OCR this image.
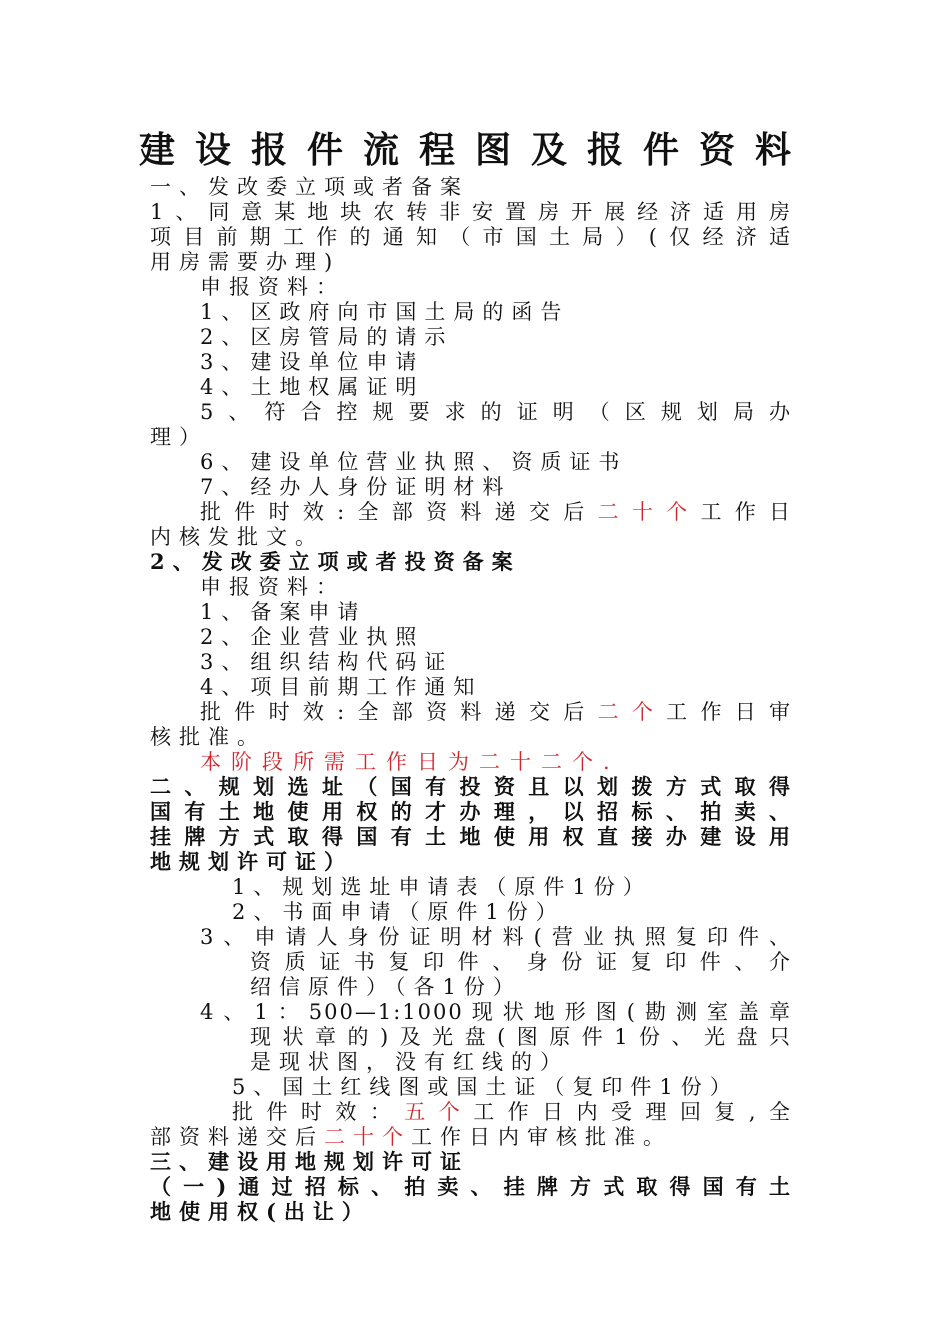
建设报件流程图及报件资料
一、发改委立项或者备案
1、同意某地块农转非安置房开展经济适用房
项目前期工作的通知（市国土局）(仅经济适
用房需要办理)
申报资料：
1、区政府向市国土局的函告
2、区房管局的请示
3、建设单位申请
4、土地权属证明
5、符合控规要求的证明（区规划局办
理）
6、建设单位营业执照、资质证书
7、经办人身份证明材料
批件时效:全部资料递交后二十个工作日
内核发批文。
2、发改委立项或者投资备案
申报资料：
1、备案申请
2、企业营业执照
3、组织结构代码证
4、项目前期工作通知
批件时效:全部资料递交后二个工作日审
核批准。
本阶段所需工作日为二十二个.
二、规划选址（国有投资且以划拨方式取得
国有土地使用权的才办理，以招标、拍卖、
挂牌方式取得国有土地使用权直接办建设用
地规划许可证）
1、规划选址申请表（原件1份）
2、书面申请（原件1份）
3、申请人身份证明材料(营业执照复印件、
资质证书复印件、身份证复印件、介
绍信原件）（各1份）
4、1：500—1:1000现状地形图(勘测室盖章
现状章的)及光盘(图原件1份、光盘只
是现状图，没有红线的）
5、国土红线图或国土证（复印件1份）
批件时效：五个工作日内受理回复,全
部资料递交后二十个工作日内审核批准。
三、建设用地规划许可证
（一)通过招标、拍卖、挂牌方式取得国有土
地使用权(出让）
